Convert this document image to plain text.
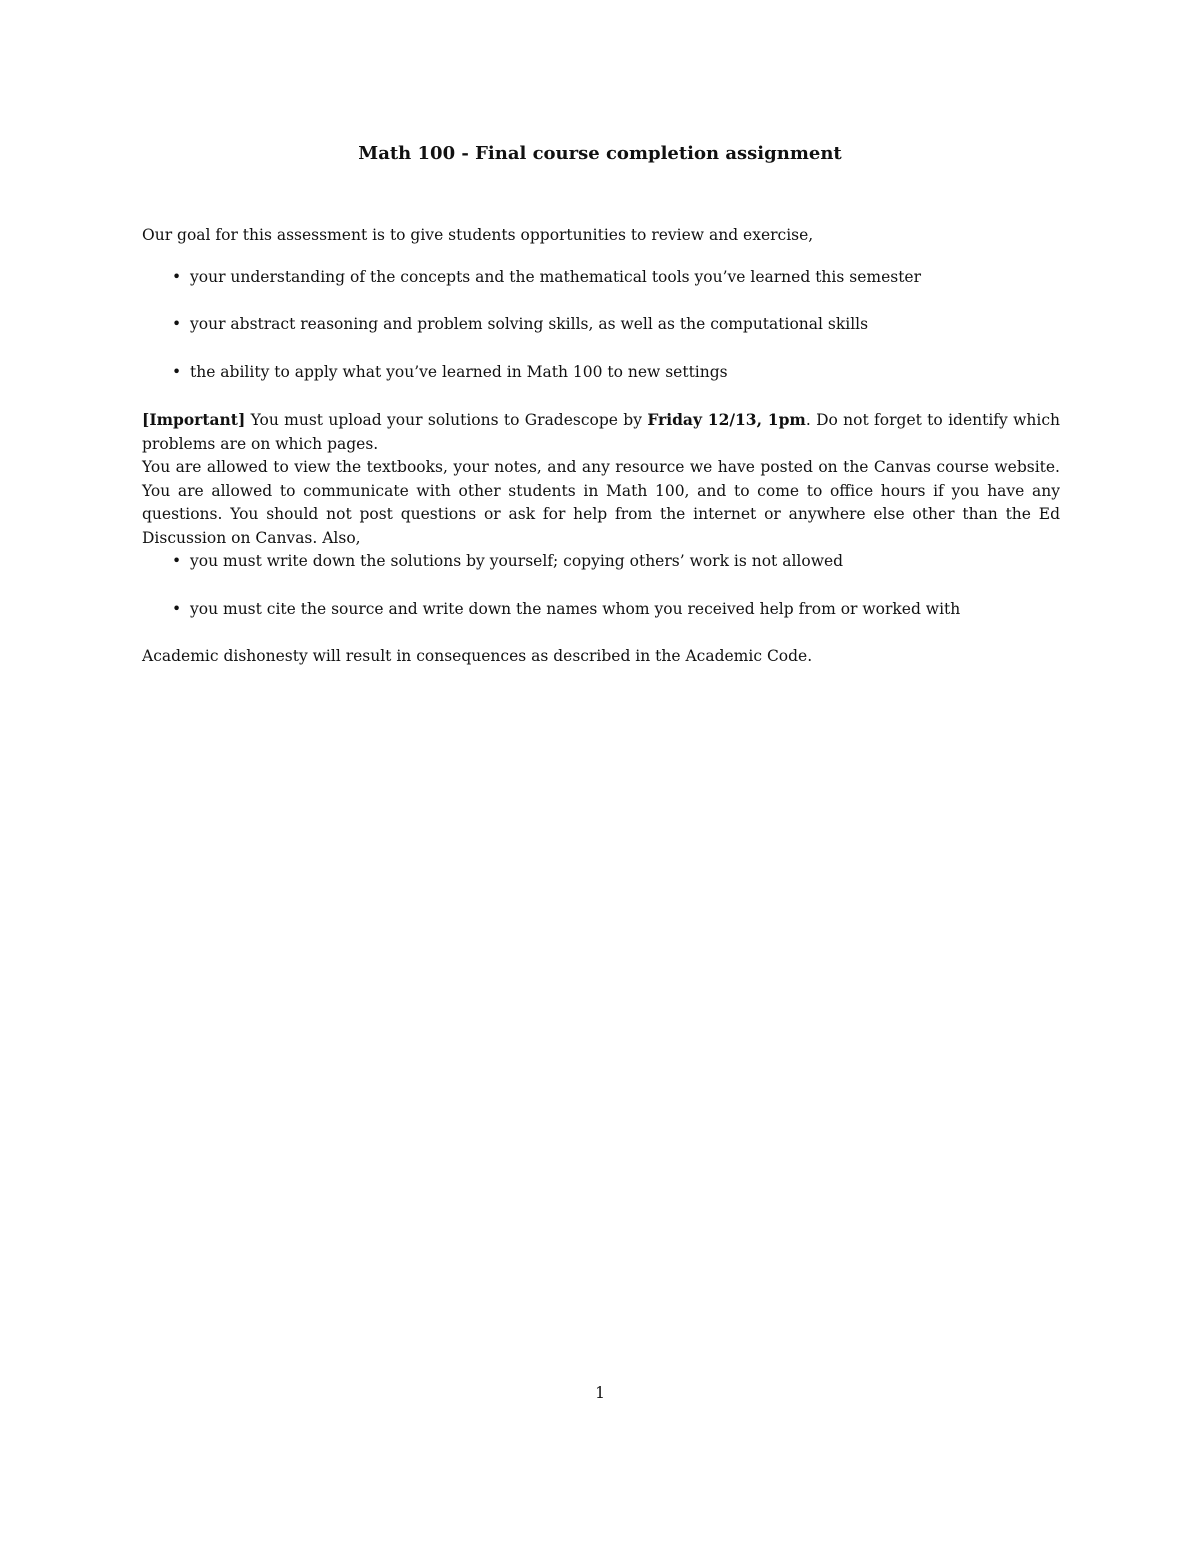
Math 100 - Final course completion assignment

Our goal for this assessment is to give students opportunities to review and exercise,

• your understanding of the concepts and the mathematical tools you’ve learned this semester
• your abstract reasoning and problem solving skills, as well as the computational skills
• the ability to apply what you’ve learned in Math 100 to new settings

[Important] You must upload your solutions to Gradescope by Friday 12/13, 1pm. Do not forget to identify which problems are on which pages.

You are allowed to view the textbooks, your notes, and any resource we have posted on the Canvas course website. You are allowed to communicate with other students in Math 100, and to come to office hours if you have any questions. You should not post questions or ask for help from the internet or anywhere else other than the Ed Discussion on Canvas. Also,

• you must write down the solutions by yourself; copying others’ work is not allowed
• you must cite the source and write down the names whom you received help from or worked with

Academic dishonesty will result in consequences as described in the Academic Code.

1
